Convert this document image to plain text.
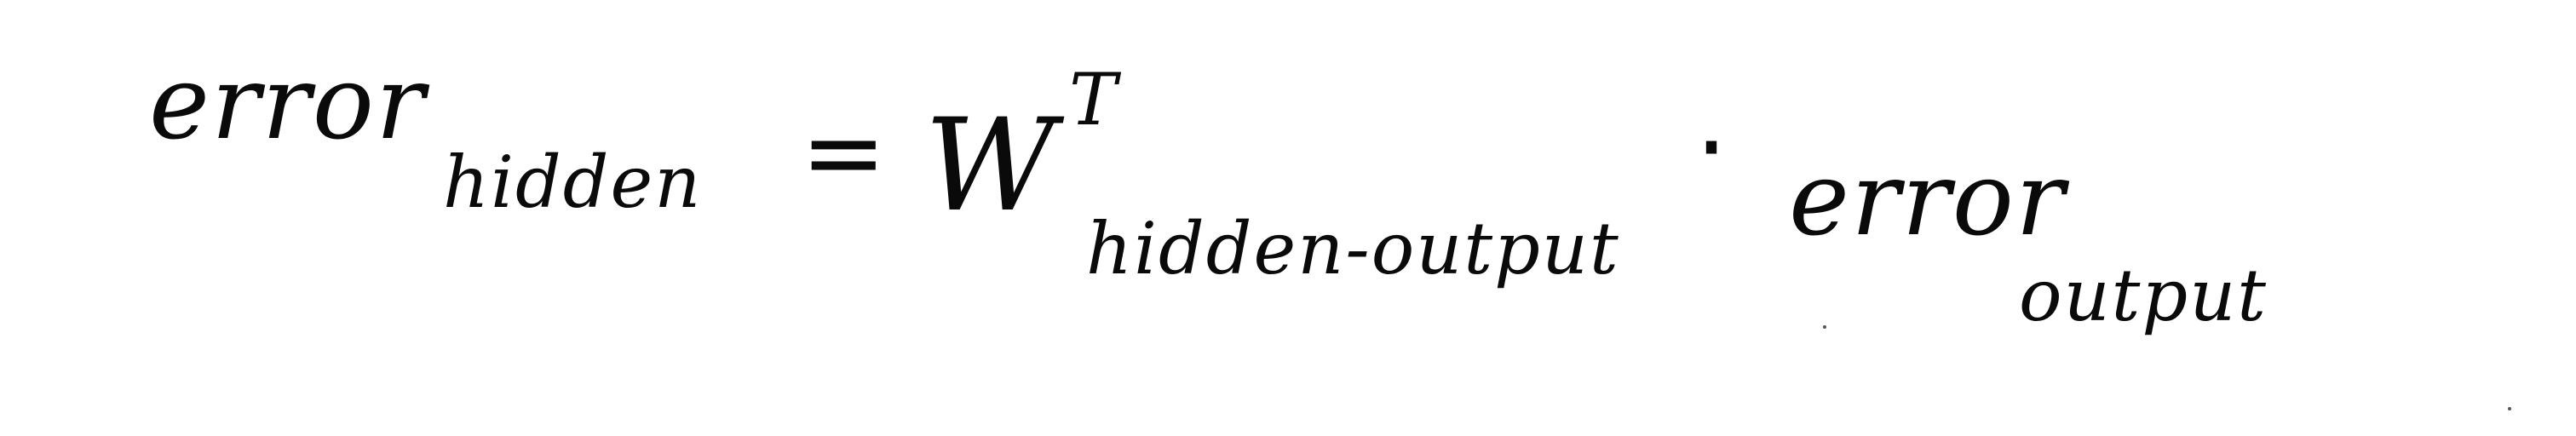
error
hidden = W T
hidden-output
· error
output
